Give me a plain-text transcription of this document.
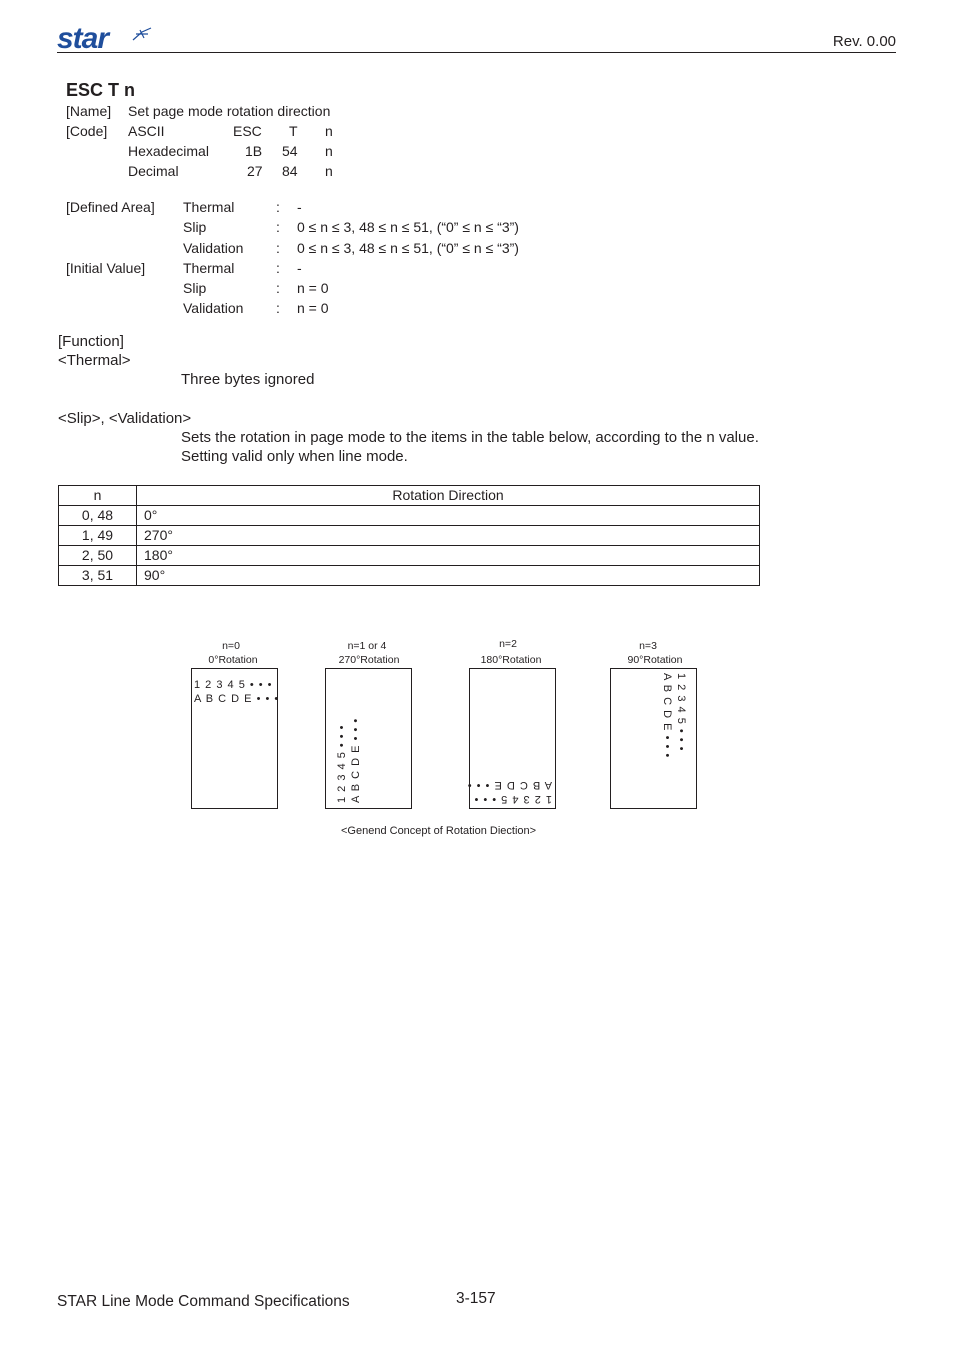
star	Rev. 0.00
ESC T n
[Name] Set page mode rotation direction
[Code] ASCII	ESC T n
Hexadecimal	1B 54 n
Decimal	27 84 n
[Defined Area] Thermal	: -
Slip	: 0 ≤ n ≤ 3, 48 ≤ n ≤ 51, (“0” ≤ n ≤ “3”)
Validation : 0 ≤ n ≤ 3, 48 ≤ n ≤ 51, (“0” ≤ n ≤ “3”)
[Initial Value]	Thermal	: -
Slip	: n = 0
Validation : n = 0
[Function]
<Thermal>
Three bytes ignored
<Slip>, <Validation>
Sets the rotation in page mode to the items in the table below, according to the n value.
Setting valid only when line mode.
n	Rotation Direction
0, 48	0°
1, 49	270°
2, 50	180°
3, 51	90°
n=0
0°Rotation
1 2 3 4 5 • • •
A B C D E • • •
n=1 or 4
270°Rotation
1 2 3 4 5 • • • A B C D E • • •
n=2
180°Rotation
1 2 3 4 5 • • •
A B C D E • • •
n=3
90°Rotation
1 2 3 4 5 • • •
A B C D E • • •
<Genend Concept of Rotation Diection>
STAR Line Mode Command Specifications	3-157
